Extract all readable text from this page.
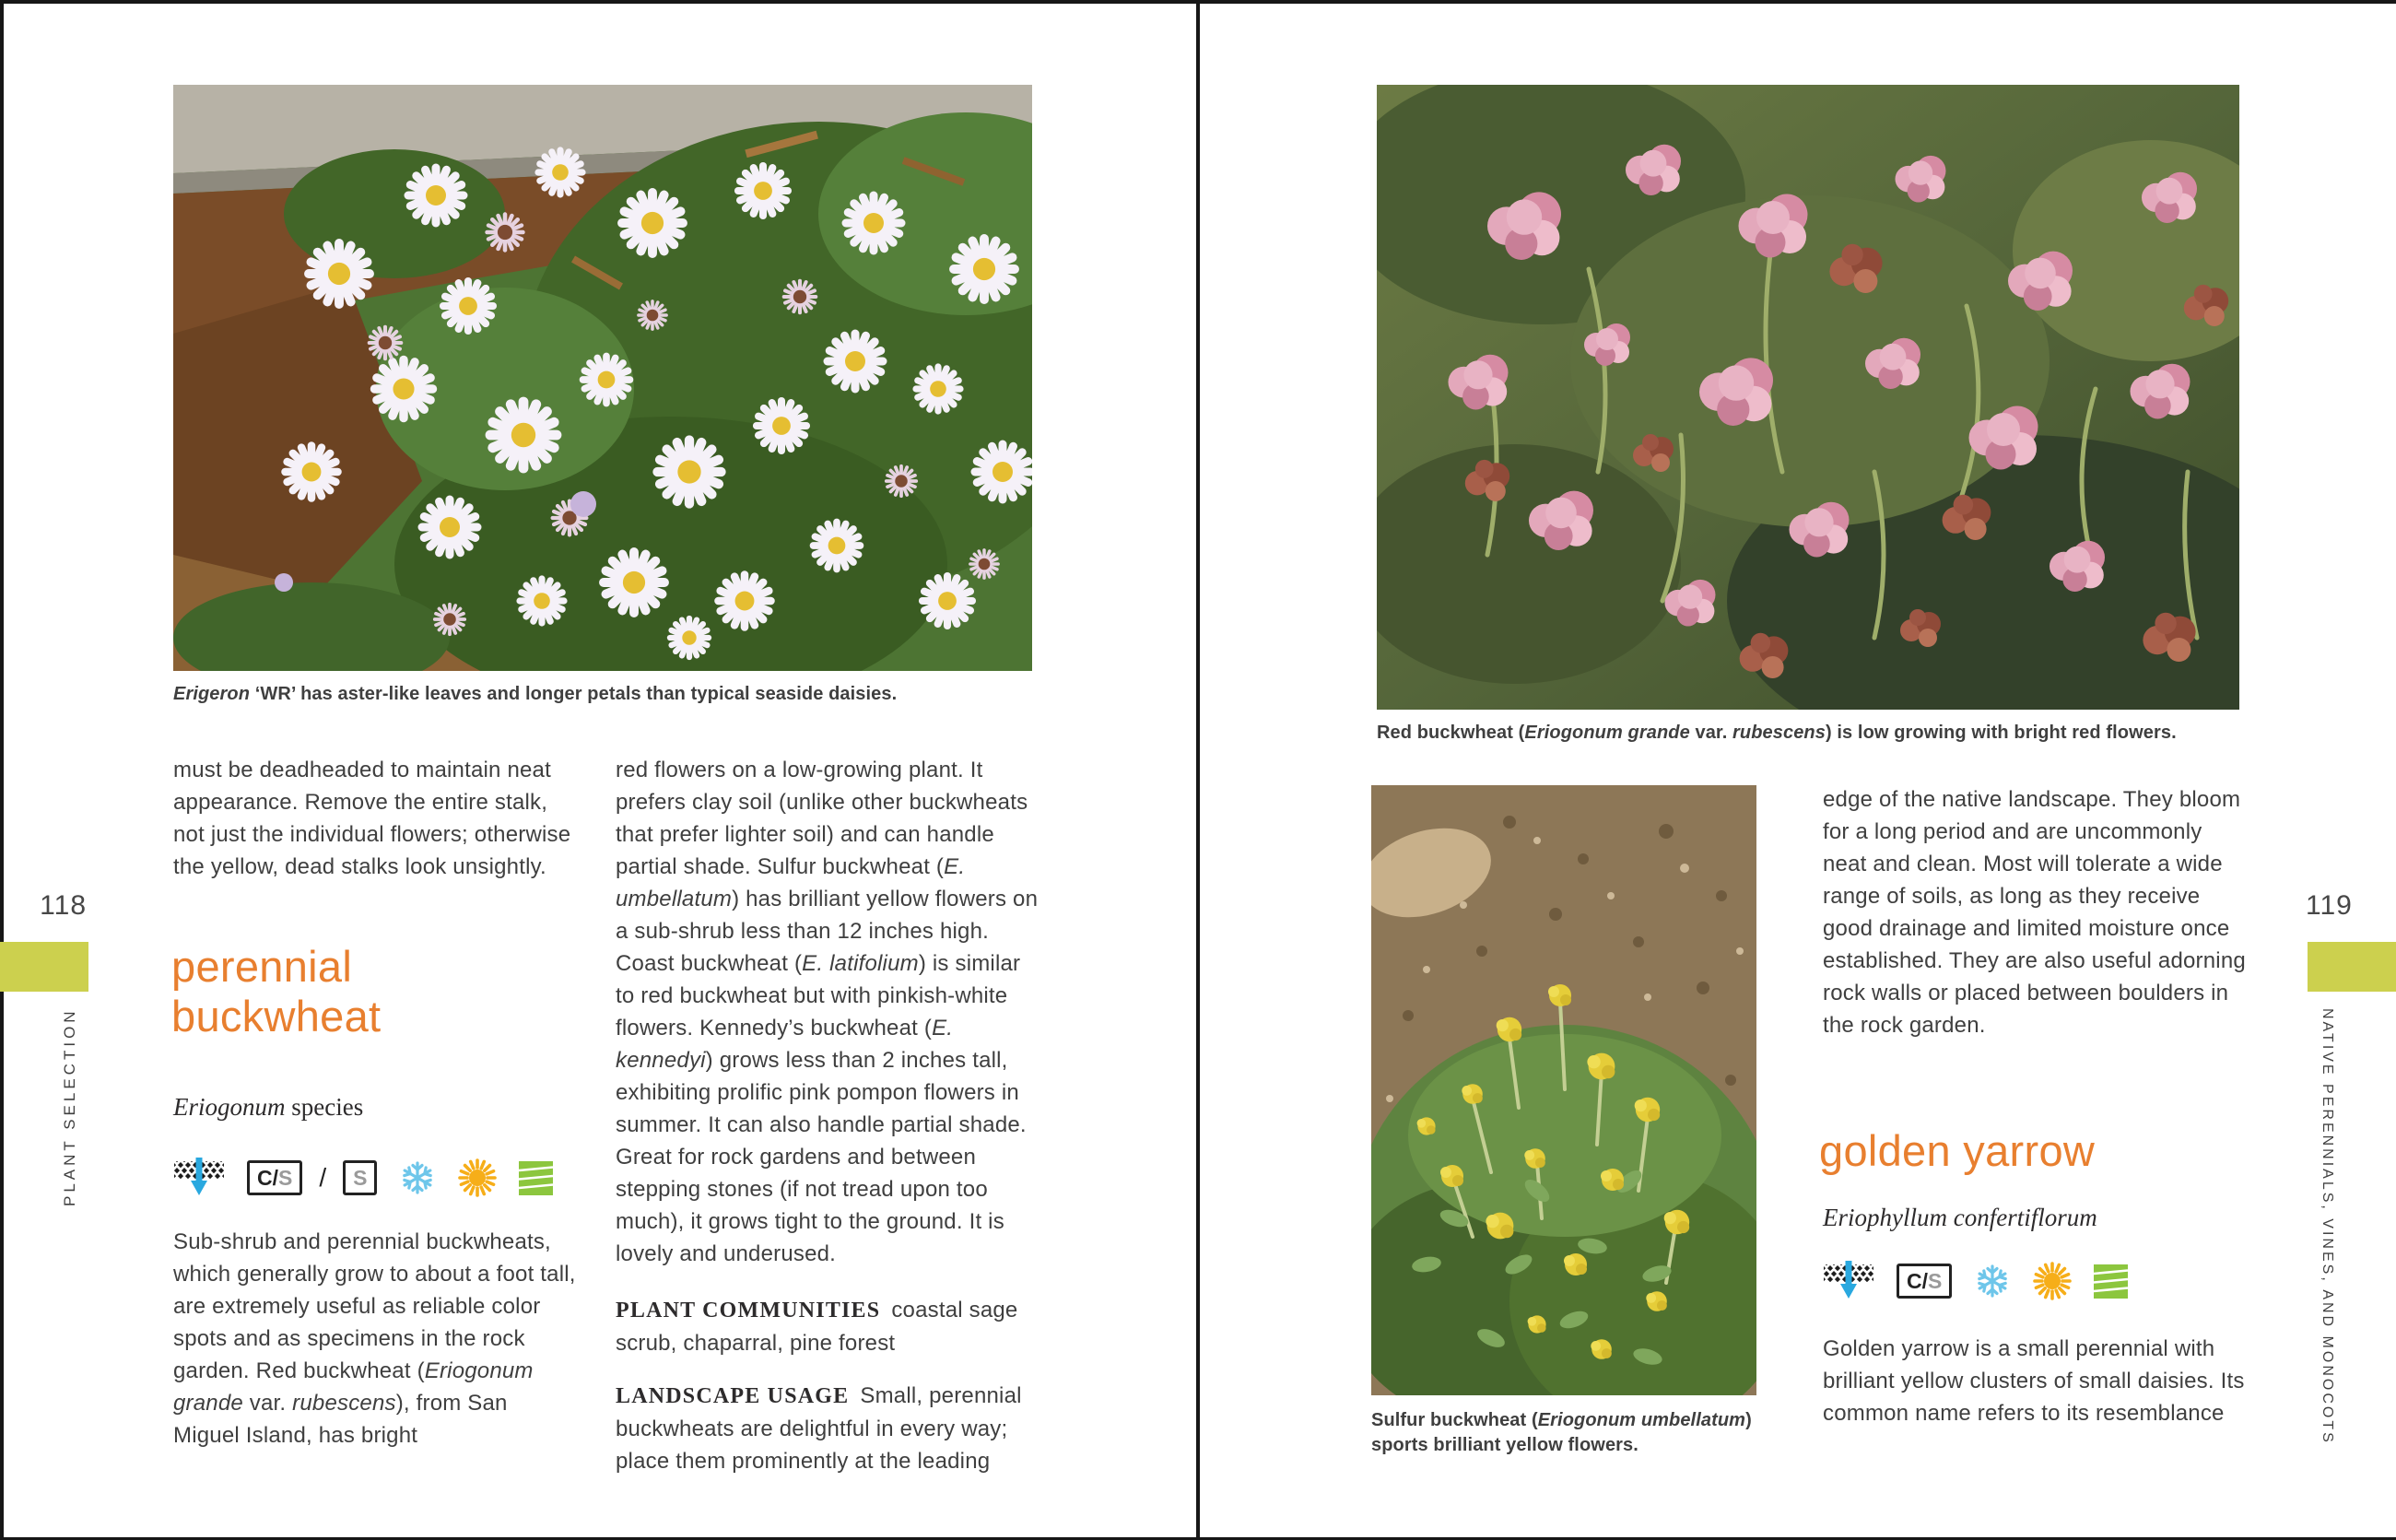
Erigeron ‘WR’ has aster-like leaves and longer petals than typical seaside daisies.

must be deadheaded to maintain neat appearance. Remove the entire stalk, not just the individual flowers; otherwise the yellow, dead stalks look unsightly.

perennial buckwheat
Eriogonum species
C/S	/	S

Sub-shrub and perennial buckwheats, which generally grow to about a foot tall, are extremely useful as reliable color spots and as specimens in the rock garden. Red buckwheat (Eriogonum grande var. rubescens), from San Miguel Island, has bright

red flowers on a low-growing plant. It prefers clay soil (unlike other buckwheats that prefer lighter soil) and can handle partial shade. Sulfur buckwheat (E. umbellatum) has brilliant yellow flowers on a sub-shrub less than 12 inches high. Coast buckwheat (E. latifolium) is similar to red buckwheat but with pinkish-white flowers. Kennedy’s buckwheat (E. kennedyi) grows less than 2 inches tall, exhibiting prolific pink pompon flowers in summer. It can also handle partial shade. Great for rock gardens and between stepping stones (if not tread upon too much), it grows tight to the ground. It is lovely and underused.

PLANT COMMUNITIES coastal sage scrub, chaparral, pine forest

LANDSCAPE USAGE Small, perennial buckwheats are delightful in every way; place them prominently at the leading

118
PLANT SELECTION
Red buckwheat (Eriogonum grande var. rubescens) is low growing with bright red flowers.
Sulfur buckwheat (Eriogonum umbellatum) sports brilliant yellow flowers.

edge of the native landscape. They bloom for a long period and are uncommonly neat and clean. Most will tolerate a wide range of soils, as long as they receive good drainage and limited moisture once established. They are also useful adorning rock walls or placed between boulders in the rock garden.

golden yarrow
Eriophyllum confertiflorum
C/S

Golden yarrow is a small perennial with brilliant yellow clusters of small daisies. Its common name refers to its resemblance

119
NATIVE PERENNIALS, VINES, AND MONOCOTS
